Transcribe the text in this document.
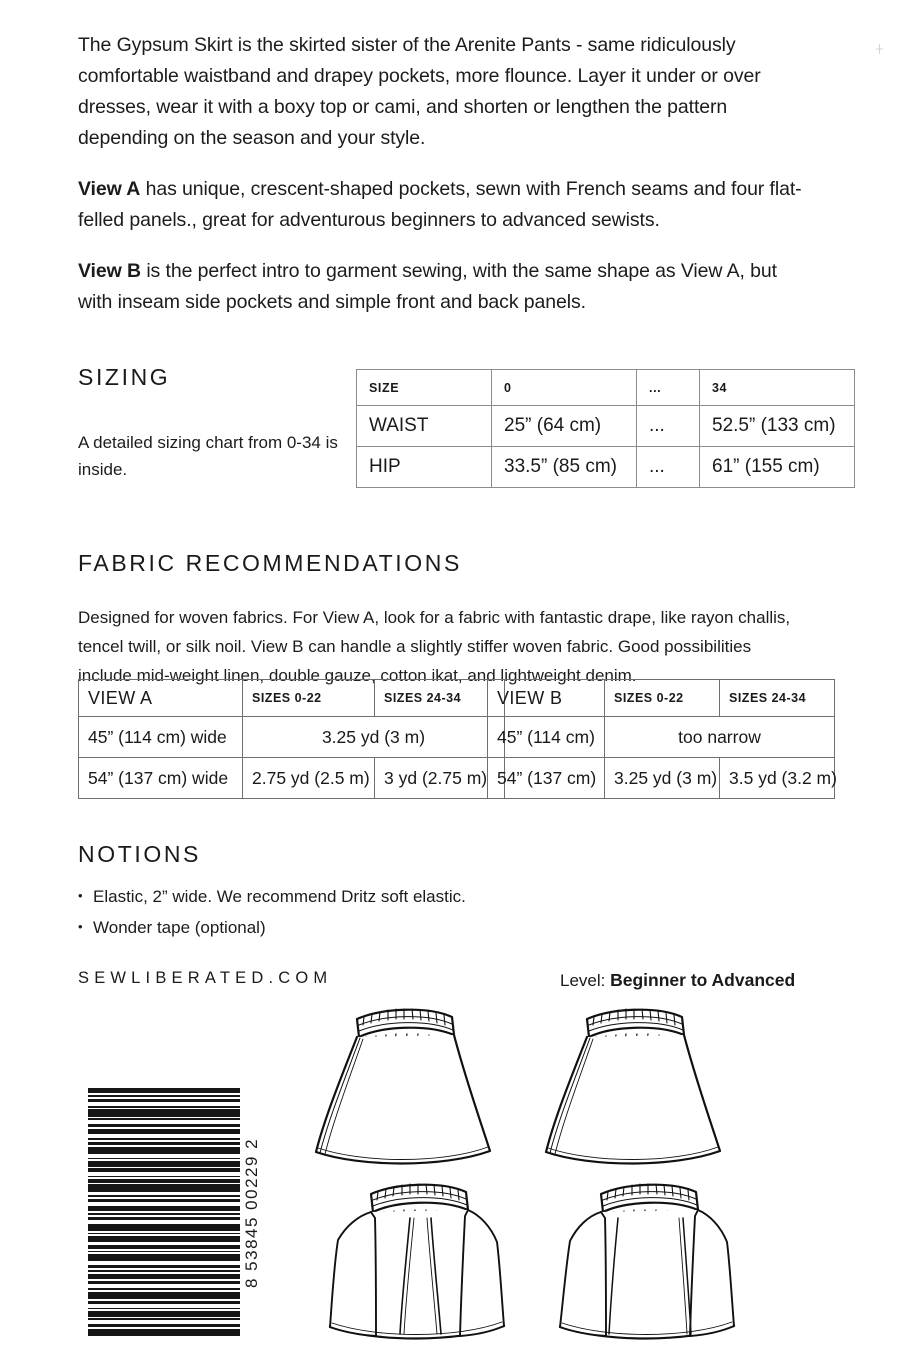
The Gypsum Skirt is the skirted sister of the Arenite Pants - same ridiculously comfortable waistband and drapey pockets, more flounce. Layer it under or over dresses, wear it with a boxy top or cami, and shorten or lengthen the pattern depending on the season and your style.

View A has unique, crescent-shaped pockets, sewn with French seams and four flat-felled panels., great for adventurous beginners to advanced sewists.

View B is the perfect intro to garment sewing, with the same shape as View A, but with inseam side pockets and simple front and back panels.

SIZING

A detailed sizing chart from 0-34 is inside.

SIZE	0	...	34
WAIST	25” (64 cm)	...	52.5” (133 cm)
HIP	33.5” (85 cm)	...	61” (155 cm)
FABRIC RECOMMENDATIONS

Designed for woven fabrics. For View A, look for a fabric with fantastic drape, like rayon challis, tencel twill, or silk noil. View B can handle a slightly stiffer woven fabric. Good possibilities include mid-weight linen, double gauze, cotton ikat, and lightweight denim.

VIEW A	SIZES 0-22	SIZES 24-34
45” (114 cm) wide	3.25 yd (3 m)	
54” (137 cm) wide	2.75 yd (2.5 m)	3 yd (2.75 m)
VIEW B	SIZES 0-22	SIZES 24-34
45” (114 cm)	too narrow	
54” (137 cm)	3.25 yd (3 m)	3.5 yd (3.2 m)
NOTIONS
• Elastic, 2” wide. We recommend Dritz soft elastic.
• Wonder tape (optional)
SEWLIBERATED.COM	Level: Beginner to Advanced
8 53845 00229 2
